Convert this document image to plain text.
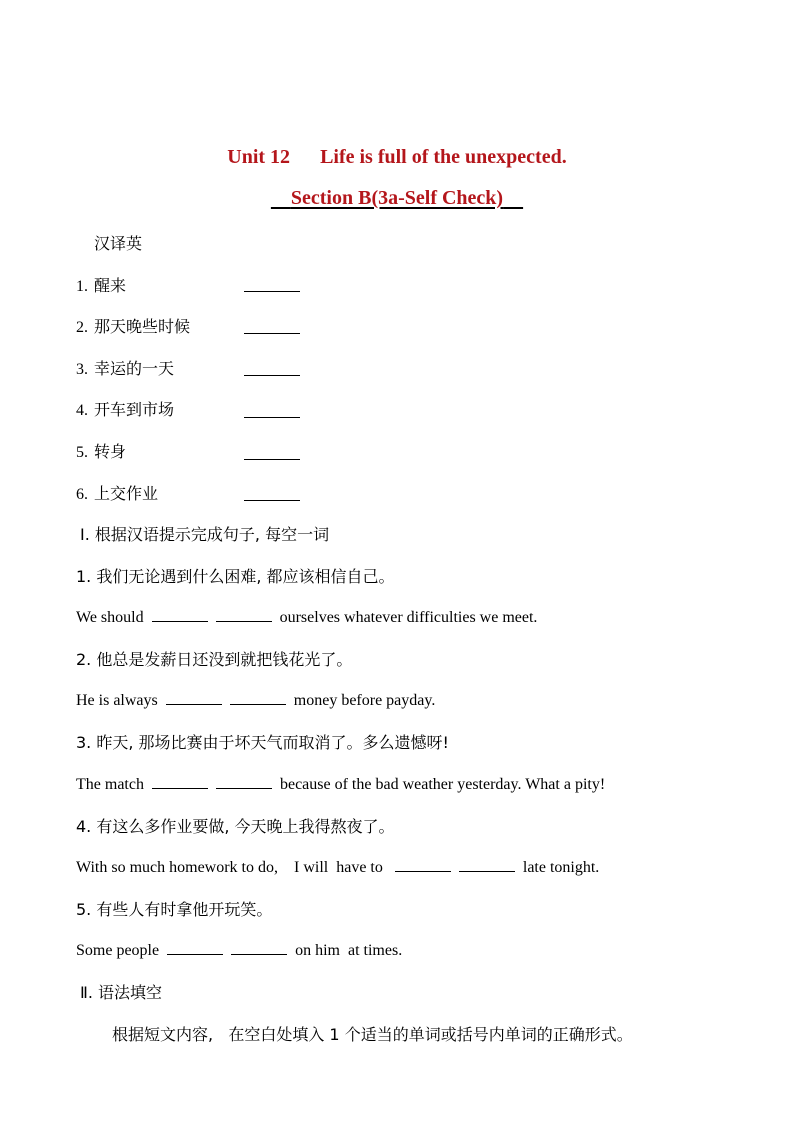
Unit 12 Life is full of the unexpected.
Section B(3a-Self Check)
汉译英
1. 醒来
2. 那天晚些时候
3. 幸运的一天
4. 开车到市场
5. 转身
6. 上交作业
Ⅰ. 根据汉语提示完成句子, 每空一词
1. 我们无论遇到什么困难, 都应该相信自己。
We should	ourselves whatever difficulties we meet.
2. 他总是发薪日还没到就把钱花光了。
He is always	money before payday.
3. 昨天, 那场比赛由于坏天气而取消了。多么遗憾呀!
The match	because of the bad weather yesterday. What a pity!
4. 有这么多作业要做, 今天晚上我得熬夜了。
With so much homework to do,    I will  have to	late tonight.
5. 有些人有时拿他开玩笑。
Some people	on him  at times.
Ⅱ. 语法填空
根据短文内容,   在空白处填入 1 个适当的单词或括号内单词的正确形式。
